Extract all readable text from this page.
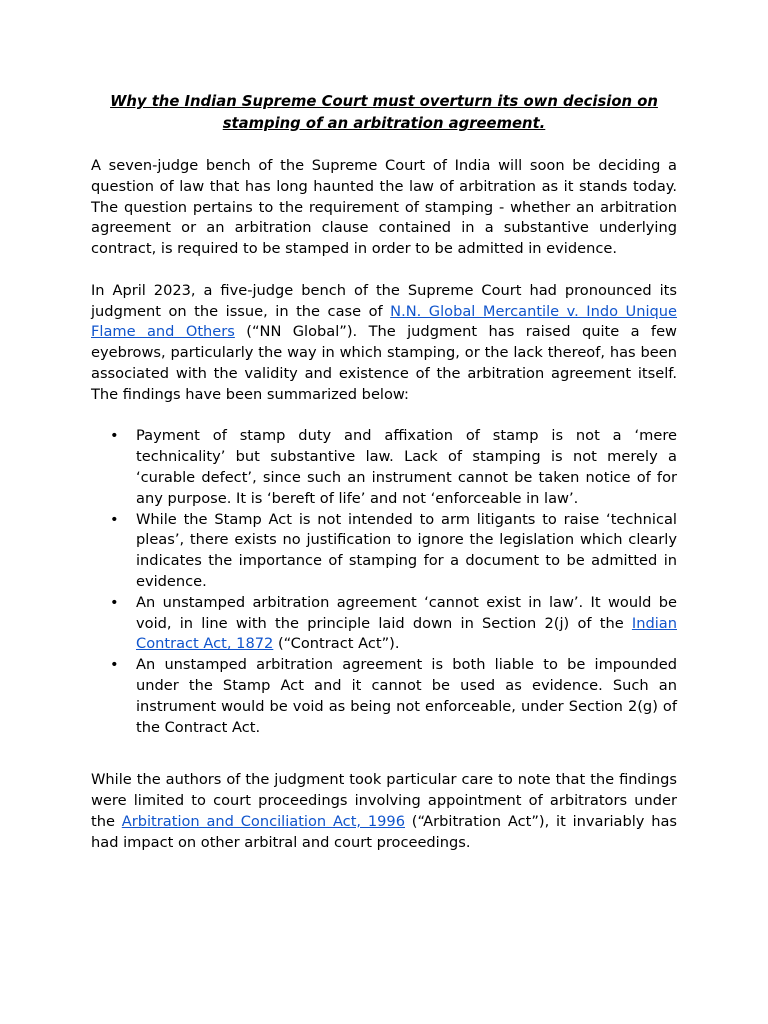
Why the Indian Supreme Court must overturn its own decision on
stamping of an arbitration agreement.

A seven-judge bench of the Supreme Court of India will soon be deciding a question of law that has long haunted the law of arbitration as it stands today. The question pertains to the requirement of stamping - whether an arbitration agreement or an arbitration clause contained in a substantive underlying contract, is required to be stamped in order to be admitted in evidence.

In April 2023, a five-judge bench of the Supreme Court had pronounced its judgment on the issue, in the case of N.N. Global Mercantile v. Indo Unique Flame and Others (“NN Global”). The judgment has raised quite a few eyebrows, particularly the way in which stamping, or the lack thereof, has been associated with the validity and existence of the arbitration agreement itself. The findings have been summarized below:

• Payment of stamp duty and affixation of stamp is not a ‘mere technicality’ but substantive law. Lack of stamping is not merely a ‘curable defect’, since such an instrument cannot be taken notice of for any purpose. It is ‘bereft of life’ and not ‘enforceable in law’.
• While the Stamp Act is not intended to arm litigants to raise ‘technical pleas’, there exists no justification to ignore the legislation which clearly indicates the importance of stamping for a document to be admitted in evidence.
• An unstamped arbitration agreement ‘cannot exist in law’. It would be void, in line with the principle laid down in Section 2(j) of the Indian Contract Act, 1872 (“Contract Act”).
• An unstamped arbitration agreement is both liable to be impounded under the Stamp Act and it cannot be used as evidence. Such an instrument would be void as being not enforceable, under Section 2(g) of the Contract Act.

While the authors of the judgment took particular care to note that the findings were limited to court proceedings involving appointment of arbitrators under the Arbitration and Conciliation Act, 1996 (“Arbitration Act”), it invariably has had impact on other arbitral and court proceedings.
